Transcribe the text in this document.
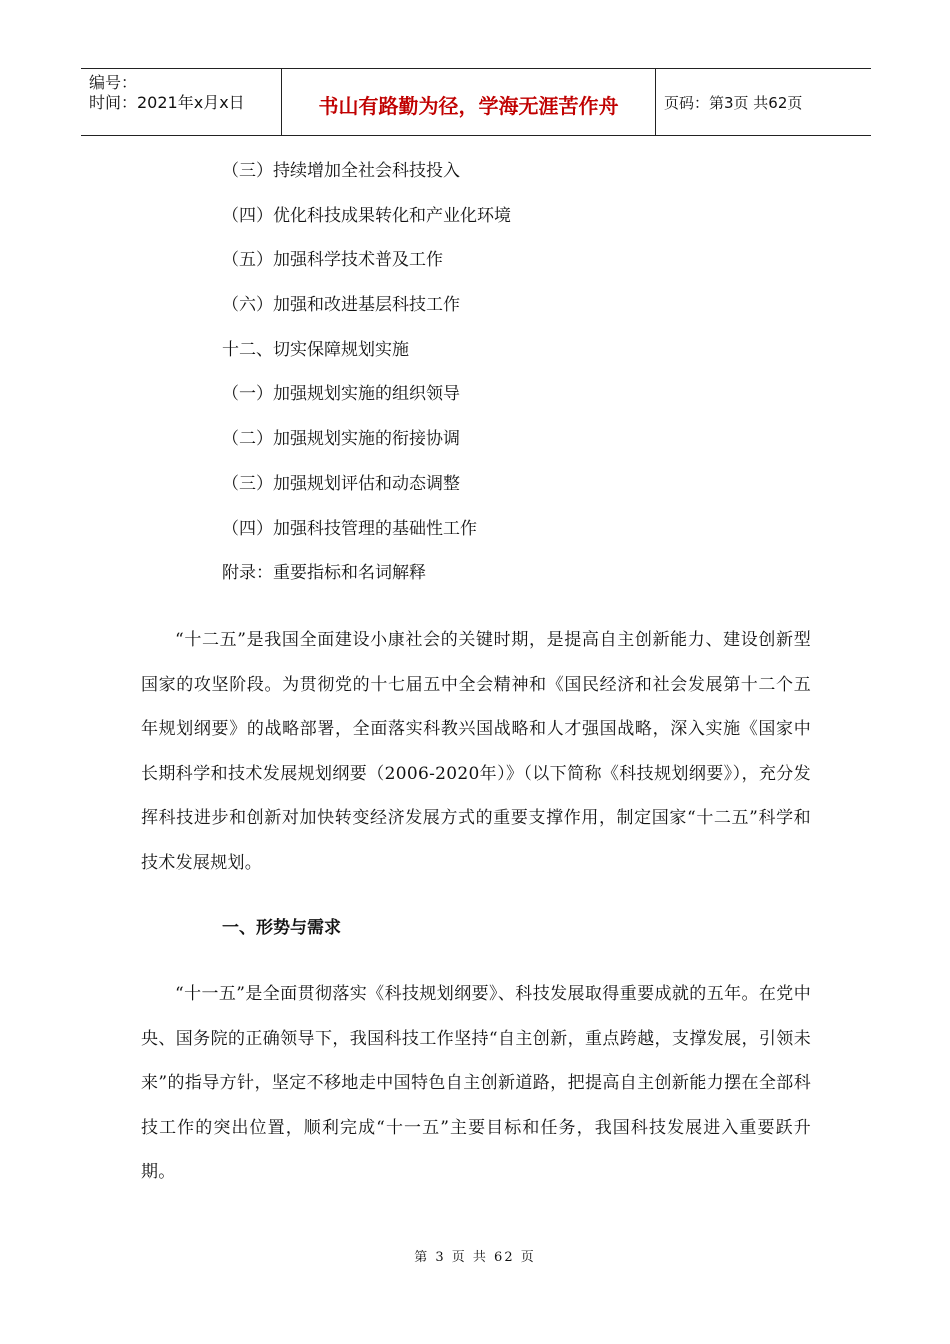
编号：
时间：2021年x月x日	书山有路勤为径，学海无涯苦作舟	页码：第3页 共62页
（三）持续增加全社会科技投入
（四）优化科技成果转化和产业化环境
（五）加强科学技术普及工作
（六）加强和改进基层科技工作
十二、切实保障规划实施
（一）加强规划实施的组织领导
（二）加强规划实施的衔接协调
（三）加强规划评估和动态调整
（四）加强科技管理的基础性工作
附录：重要指标和名词解释

“十二五”是我国全面建设小康社会的关键时期，是提高自主创新能力、建设创新型国家的攻坚阶段。为贯彻党的十七届五中全会精神和《国民经济和社会发展第十二个五年规划纲要》的战略部署，全面落实科教兴国战略和人才强国战略，深入实施《国家中长期科学和技术发展规划纲要（2006-2020年）》（以下简称《科技规划纲要》），充分发挥科技进步和创新对加快转变经济发展方式的重要支撑作用，制定国家“十二五”科学和技术发展规划。

一、形势与需求

“十一五”是全面贯彻落实《科技规划纲要》、科技发展取得重要成就的五年。在党中央、国务院的正确领导下，我国科技工作坚持“自主创新，重点跨越，支撑发展，引领未来”的指导方针，坚定不移地走中国特色自主创新道路，把提高自主创新能力摆在全部科技工作的突出位置，顺利完成“十一五”主要目标和任务，我国科技发展进入重要跃升期。

第 3 页 共 62 页
